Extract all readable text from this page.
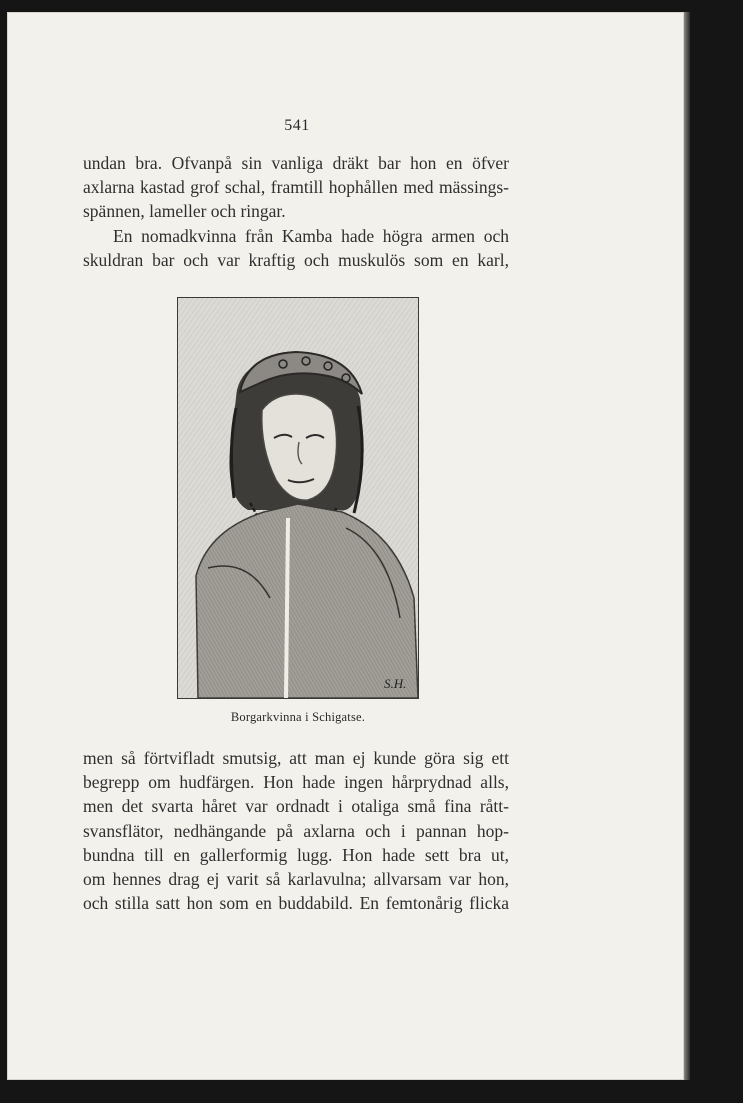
541
undan bra. Ofvanpå sin vanliga dräkt bar hon en öfver
axlarna kastad grof schal, framtill hophållen med mässings-
spännen, lameller och ringar.
En nomadkvinna från Kamba hade högra armen och
skuldran bar och var kraftig och muskulös som en karl,
S.H.
Borgarkvinna i Schigatse.
men så förtvifladt smutsig, att man ej kunde göra sig ett
begrepp om hudfärgen. Hon hade ingen hårprydnad alls,
men det svarta håret var ordnadt i otaliga små fina rått-
svansflätor, nedhängande på axlarna och i pannan hop-
bundna till en gallerformig lugg. Hon hade sett bra ut,
om hennes drag ej varit så karlavulna; allvarsam var hon,
och stilla satt hon som en buddabild. En femtonårig flicka
